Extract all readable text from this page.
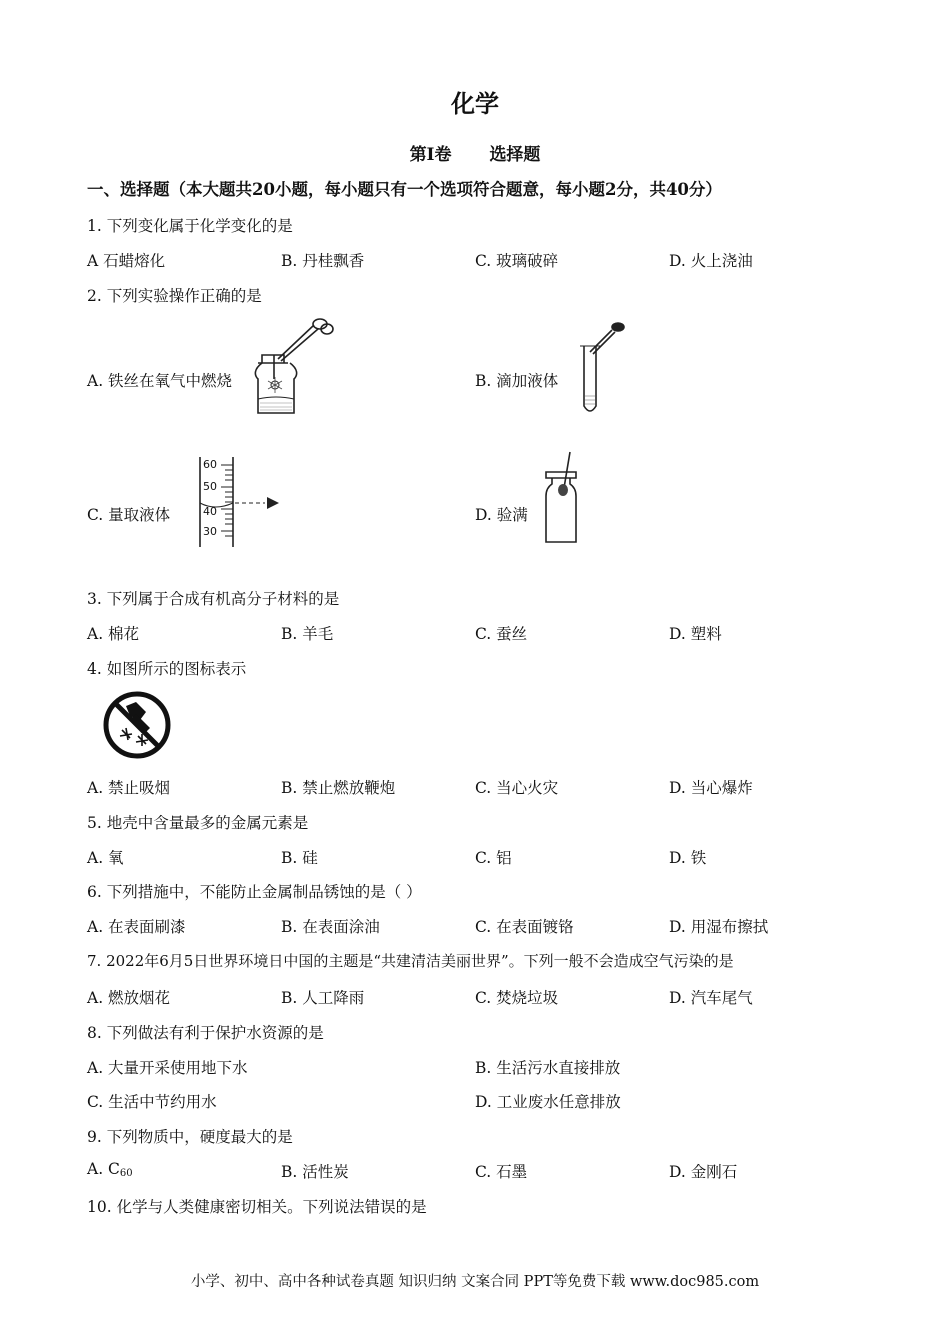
化学
第Ⅰ卷 选择题
一、选择题（本大题共20小题，每小题只有一个选项符合题意，每小题2分，共40分）
1. 下列变化属于化学变化的是
A 石蜡熔化	B. 丹桂飘香	C. 玻璃破碎	D. 火上浇油
2. 下列实验操作正确的是
A. 铁丝在氧气中燃烧	B. 滴加液体
C. 量取液体	D. 验满
60
50
40
30
3. 下列属于合成有机高分子材料的是
A. 棉花	B. 羊毛	C. 蚕丝	D. 塑料
4. 如图所示的图标表示
A. 禁止吸烟	B. 禁止燃放鞭炮	C. 当心火灾	D. 当心爆炸
5. 地壳中含量最多的金属元素是
A. 氧	B. 硅	C. 铝	D. 铁
6. 下列措施中，不能防止金属制品锈蚀的是（ ）
A. 在表面刷漆	B. 在表面涂油	C. 在表面镀铬	D. 用湿布擦拭
7. 2022年6月5日世界环境日中国的主题是“共建清洁美丽世界”。下列一般不会造成空气污染的是
A. 燃放烟花	B. 人工降雨	C. 焚烧垃圾	D. 汽车尾气
8. 下列做法有利于保护水资源的是
A. 大量开采使用地下水	B. 生活污水直接排放
C. 生活中节约用水	D. 工业废水任意排放
9. 下列物质中，硬度最大的是
A. $C_{60}$	B. 活性炭	C. 石墨	D. 金刚石
10. 化学与人类健康密切相关。下列说法错误的是
小学、初中、高中各种试卷真题 知识归纳 文案合同 PPT等免费下载 www.doc985.com
